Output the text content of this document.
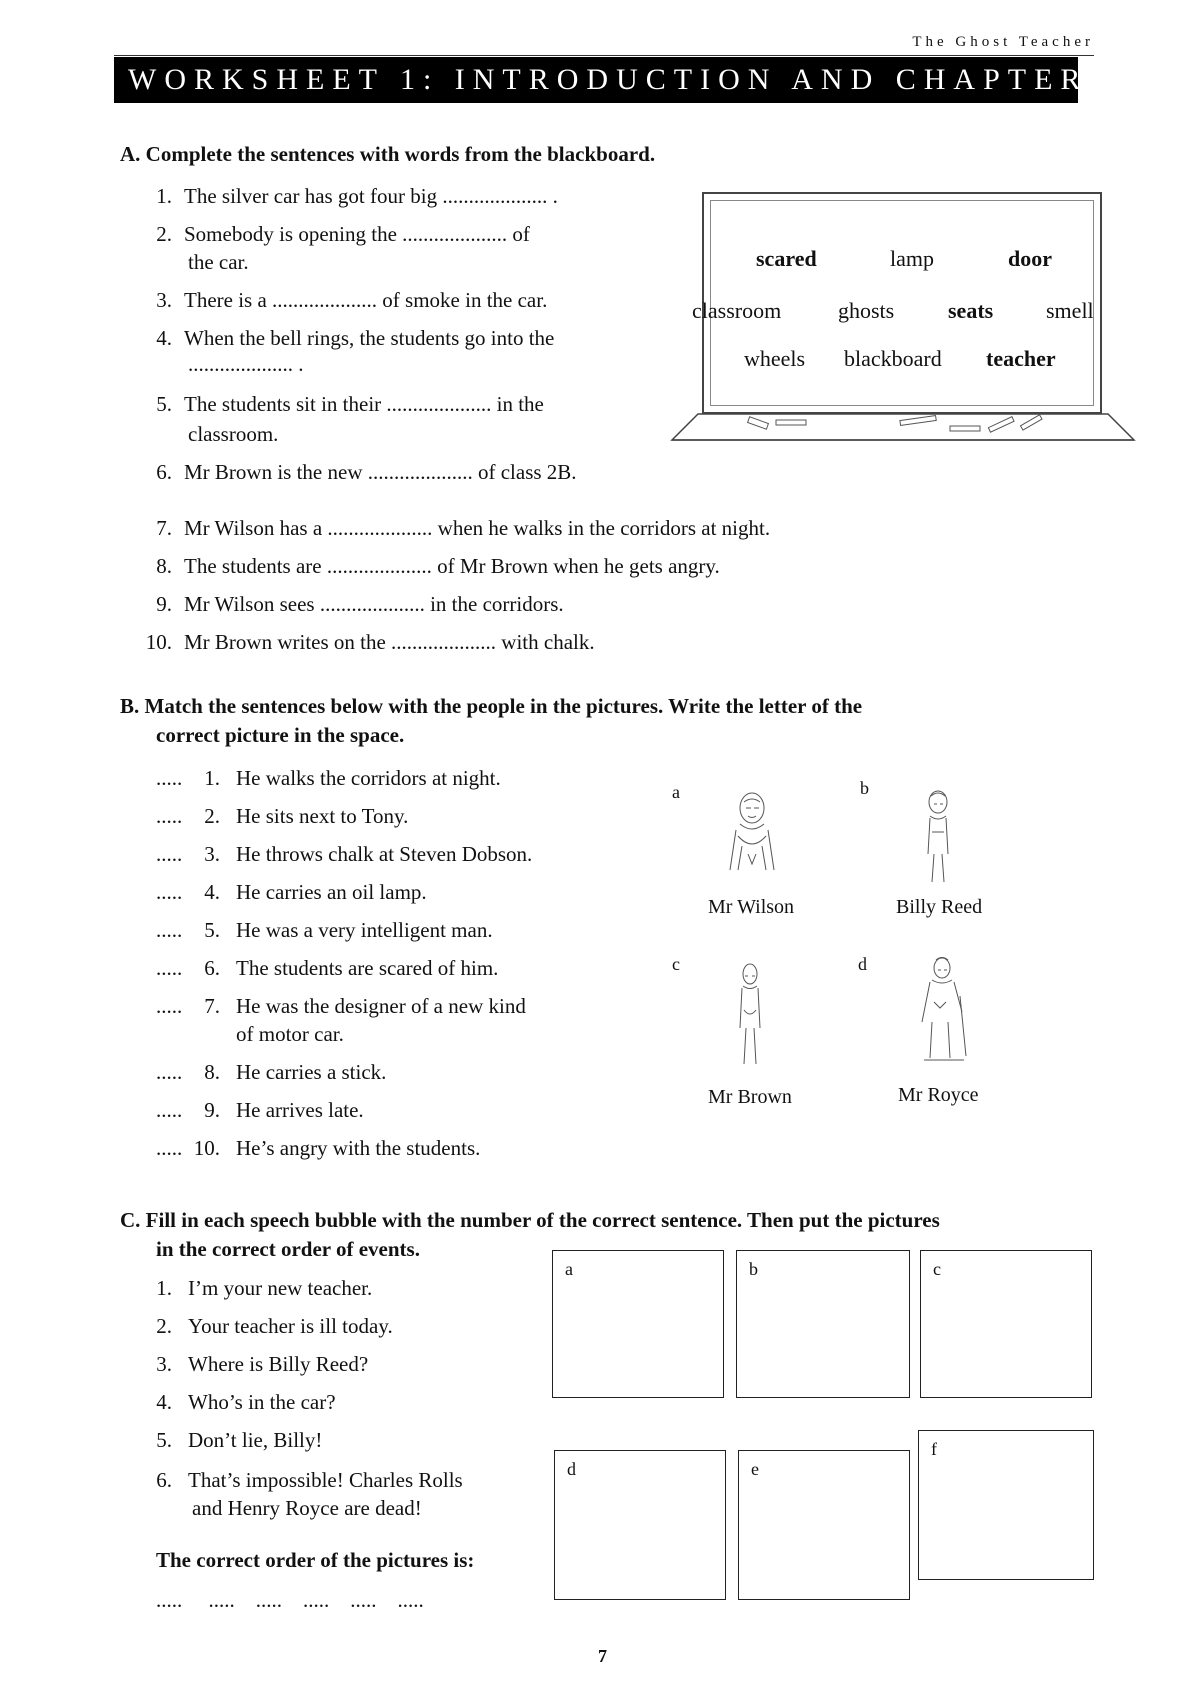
The Ghost Teacher
WORKSHEET 1: INTRODUCTION AND CHAPTER 1
A. Complete the sentences with words from the blackboard.
1. The silver car has got four big .................... .
2. Somebody is opening the .................... of
the car.
3. There is a .................... of smoke in the car.
4. When the bell rings, the students go into the
.................... .
5. The students sit in their .................... in the
classroom.
6. Mr Brown is the new .................... of class 2B.
7. Mr Wilson has a .................... when he walks in the corridors at night.
8. The students are .................... of Mr Brown when he gets angry.
9. Mr Wilson sees .................... in the corridors.
10. Mr Brown writes on the .................... with chalk.
scared	lamp	door
classroom	ghosts seats smell
wheels blackboard teacher
B. Match the sentences below with the people in the pictures. Write the letter of the
correct picture in the space.
.....	1. He walks the corridors at night.
.....	2. He sits next to Tony.
.....	3. He throws chalk at Steven Dobson.
.....	4. He carries an oil lamp.
.....	5. He was a very intelligent man.
.....	6. The students are scared of him.
.....	7. He was the designer of a new kind
of motor car.
.....	8. He carries a stick.
.....	9. He arrives late.
..... 10. He’s angry with the students.
a	b
c	d
Mr Wilson	Billy Reed
Mr Brown	Mr Royce
C. Fill in each speech bubble with the number of the correct sentence. Then put the pictures
in the correct order of events.
1. I’m your new teacher.
2. Your teacher is ill today.
3. Where is Billy Reed?
4. Who’s in the car?
5. Don’t lie, Billy!
6. That’s impossible! Charles Rolls
and Henry Royce are dead!
The correct order of the pictures is:
.....     .....    .....    .....    .....    .....
a	b	c
d	e
f
7
